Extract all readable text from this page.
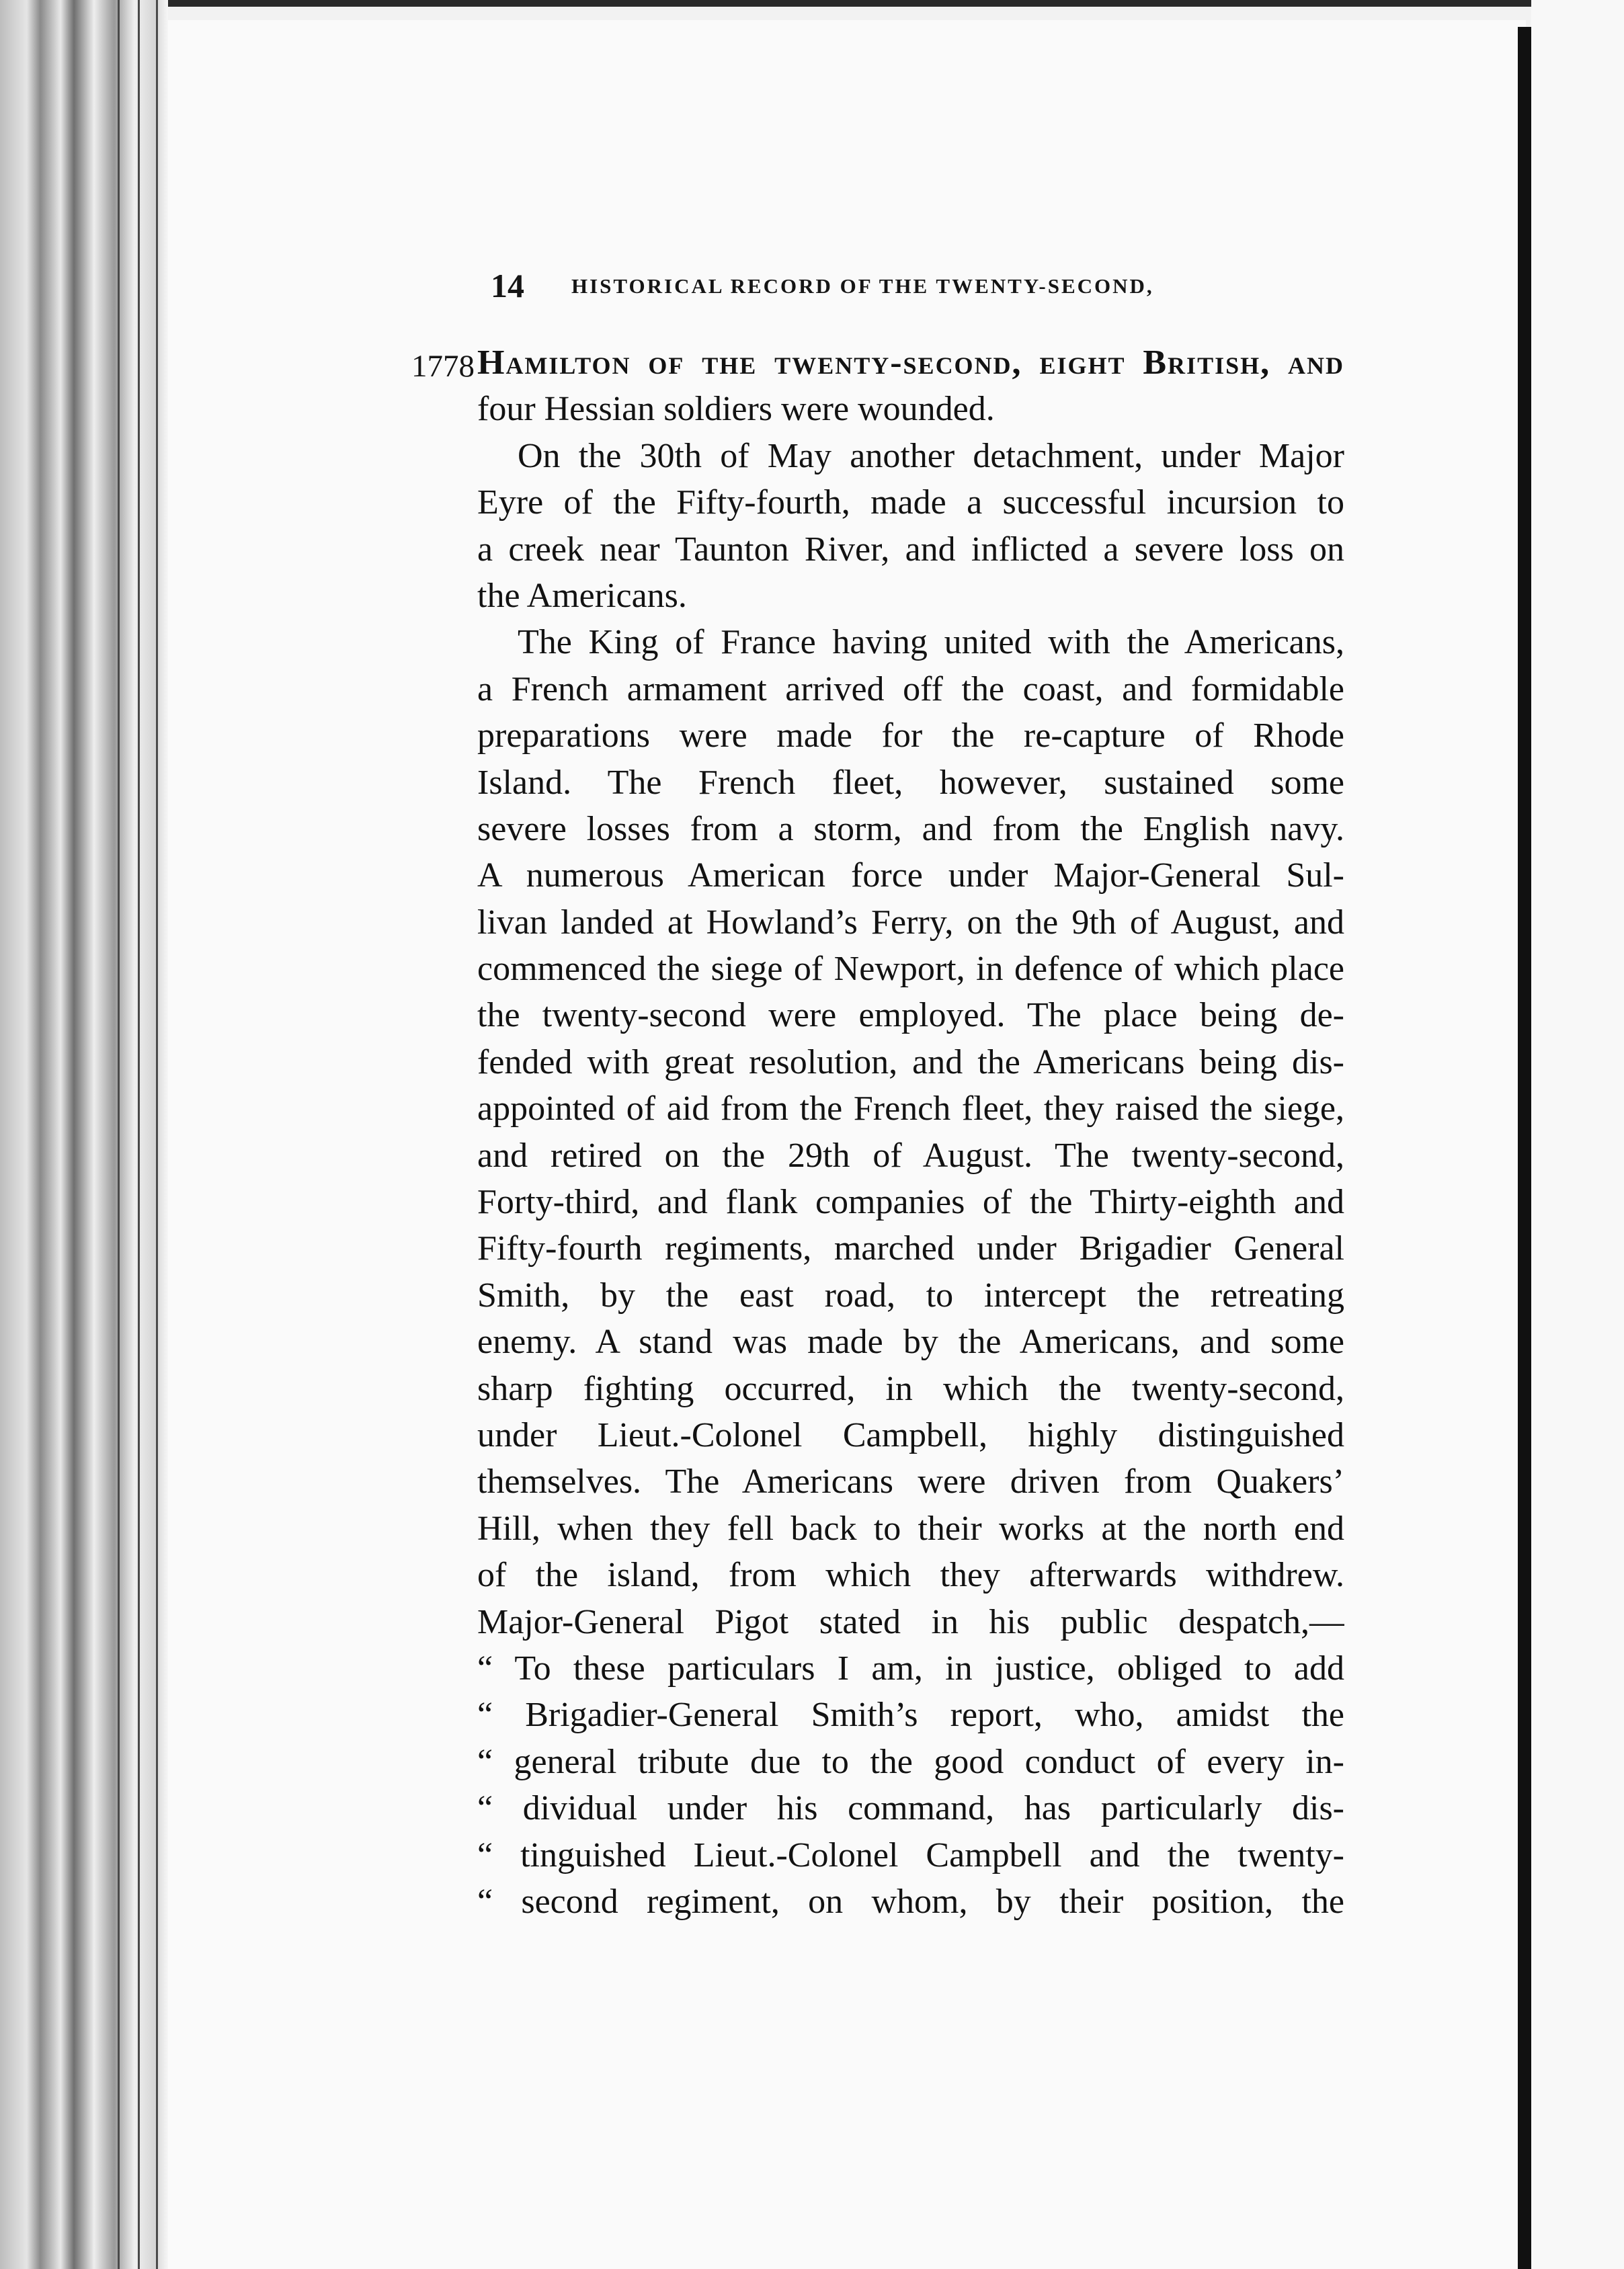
14 HISTORICAL RECORD OF THE TWENTY-SECOND,
1778 Hamilton of the twenty-second, eight British, and
four Hessian soldiers were wounded.
On the 30th of May another detachment, under Major
Eyre of the Fifty-fourth, made a successful incursion to
a creek near Taunton River, and inflicted a severe loss on
the Americans.
The King of France having united with the Americans,
a French armament arrived off the coast, and formidable
preparations were made for the re-capture of Rhode
Island. The French fleet, however, sustained some
severe losses from a storm, and from the English navy.
A numerous American force under Major-General Sul-
livan landed at Howland’s Ferry, on the 9th of August, and
commenced the siege of Newport, in defence of which place
the twenty-second were employed. The place being de-
fended with great resolution, and the Americans being dis-
appointed of aid from the French fleet, they raised the siege,
and retired on the 29th of August. The twenty-second,
Forty-third, and flank companies of the Thirty-eighth and
Fifty-fourth regiments, marched under Brigadier General
Smith, by the east road, to intercept the retreating
enemy. A stand was made by the Americans, and some
sharp fighting occurred, in which the twenty-second,
under Lieut.-Colonel Campbell, highly distinguished
themselves. The Americans were driven from Quakers’
Hill, when they fell back to their works at the north end
of the island, from which they afterwards withdrew.
Major-General Pigot stated in his public despatch,—
“ To these particulars I am, in justice, obliged to add
“ Brigadier-General Smith’s report, who, amidst the
“ general tribute due to the good conduct of every in-
“ dividual under his command, has particularly dis-
“ tinguished Lieut.-Colonel Campbell and the twenty-
“ second regiment, on whom, by their position, the
